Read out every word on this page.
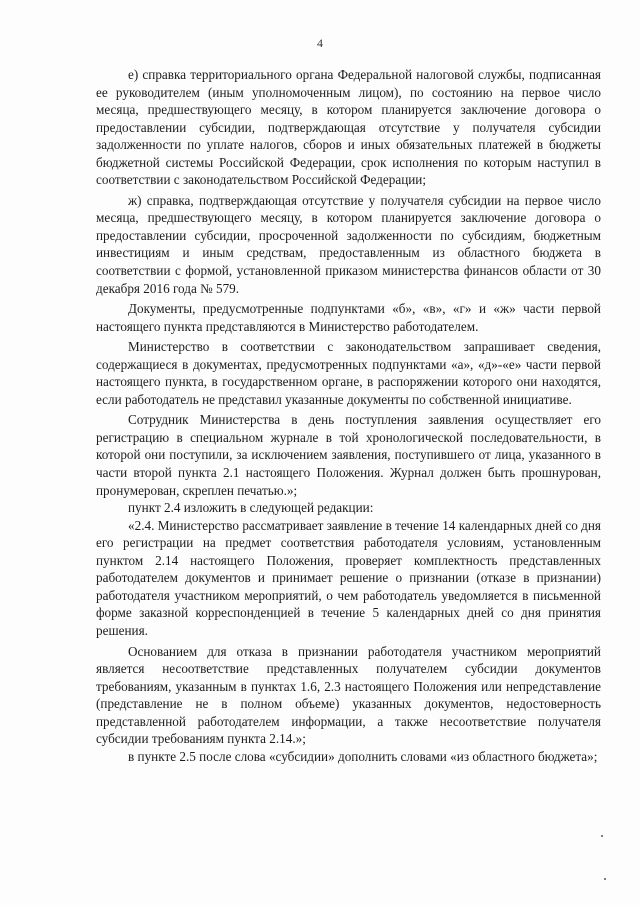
4

е) справка территориального органа Федеральной налоговой службы, подписанная ее руководителем (иным уполномоченным лицом), по состоянию на первое число месяца, предшествующего месяцу, в котором планируется заключение договора о предоставлении субсидии, подтверждающая отсутствие у получателя субсидии задолженности по уплате налогов, сборов и иных обязательных платежей в бюджеты бюджетной системы Российской Федерации, срок исполнения по которым наступил в соответствии с законодательством Российской Федерации;

ж) справка, подтверждающая отсутствие у получателя субсидии на первое число месяца, предшествующего месяцу, в котором планируется заключение договора о предоставлении субсидии, просроченной задолженности по субсидиям, бюджетным инвестициям и иным средствам, предоставленным из областного бюджета в соответствии с формой, установленной приказом министерства финансов области от 30 декабря 2016 года № 579.

Документы, предусмотренные подпунктами «б», «в», «г» и «ж» части первой настоящего пункта представляются в Министерство работодателем.

Министерство в соответствии с законодательством запрашивает сведения, содержащиеся в документах, предусмотренных подпунктами «а», «д»-«е» части первой настоящего пункта, в государственном органе, в распоряжении которого они находятся, если работодатель не представил указанные документы по собственной инициативе.

Сотрудник Министерства в день поступления заявления осуществляет его регистрацию в специальном журнале в той хронологической последовательности, в которой они поступили, за исключением заявления, поступившего от лица, указанного в части второй пункта 2.1 настоящего Положения. Журнал должен быть прошнурован, пронумерован, скреплен печатью.»;

пункт 2.4 изложить в следующей редакции:

«2.4. Министерство рассматривает заявление в течение 14 календарных дней со дня его регистрации на предмет соответствия работодателя условиям, установленным пунктом 2.14 настоящего Положения, проверяет комплектность представленных работодателем документов и принимает решение о признании (отказе в признании) работодателя участником мероприятий, о чем работодатель уведомляется в письменной форме заказной корреспонденцией в течение 5 календарных дней со дня принятия решения.

Основанием для отказа в признании работодателя участником мероприятий является несоответствие представленных получателем субсидии документов требованиям, указанным в пунктах 1.6, 2.3 настоящего Положения или непредставление (представление не в полном объеме) указанных документов, недостоверность представленной работодателем информации, а также несоответствие получателя субсидии требованиям пункта 2.14.»;

в пункте 2.5 после слова «субсидии» дополнить словами «из областного бюджета»;
